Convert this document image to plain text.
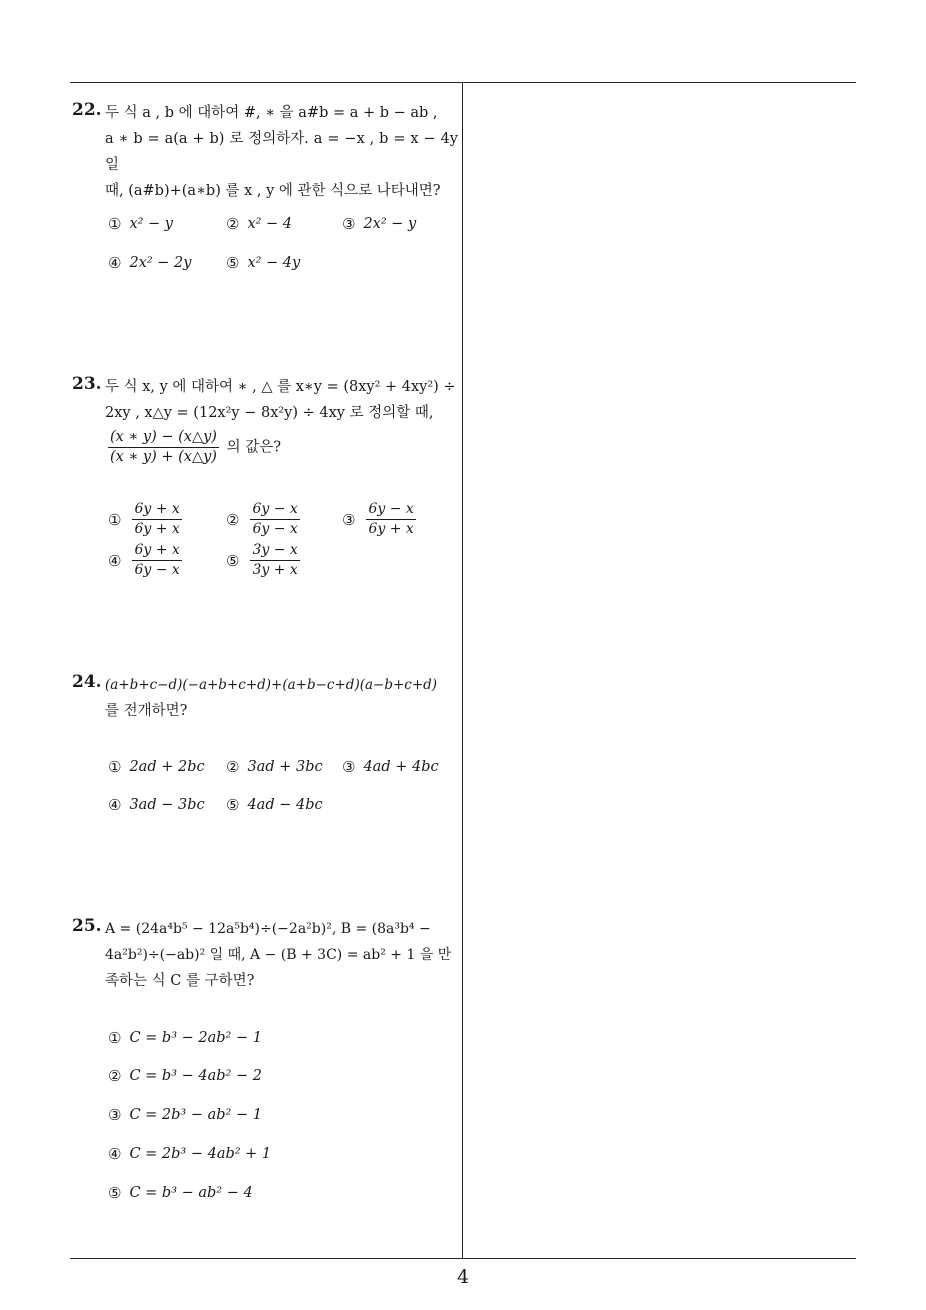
22. 두 식 a , b 에 대하여 #, ∗ 을 a#b = a + b − ab ,
a ∗ b = a(a + b) 로 정의하자. a = −x , b = x − 4y 일
때, (a#b)+(a∗b) 를 x , y 에 관한 식으로 나타내면?
① x² − y	② x² − 4	③ 2x² − y
④ 2x² − 2y ⑤ x² − 4y
23. 두 식 x, y 에 대하여 ∗ , △ 를 x∗y = (8xy² + 4xy²) ÷
2xy , x△y = (12x²y − 8x²y) ÷ 4xy 로 정의할 때,
$\frac{(x ∗ y) - (x\triangle y)}{(x ∗ y) + (x\triangle y)}$ 의 값은?
① $\frac{6y + x}{6y + x}$	② $\frac{6y - x}{6y - x}$	③ $\frac{6y - x}{6y + x}$
④ $\frac{6y + x}{6y - x}$	⑤ $\frac{3y - x}{3y + x}$
24. (a+b+c−d)(−a+b+c+d)+(a+b−c+d)(a−b+c+d)
를 전개하면?
① 2ad + 2bc ② 3ad + 3bc ③ 4ad + 4bc
④ 3ad − 3bc ⑤ 4ad − 4bc
25. A = (24a⁴b⁵ − 12a⁵b⁴)÷(−2a²b)², B = (8a³b⁴ −
4a²b²)÷(−ab)² 일 때, A − (B + 3C) = ab² + 1 을 만
족하는 식 C 를 구하면?
① C = b³ − 2ab² − 1
② C = b³ − 4ab² − 2
③ C = 2b³ − ab² − 1
④ C = 2b³ − 4ab² + 1
⑤ C = b³ − ab² − 4
4
